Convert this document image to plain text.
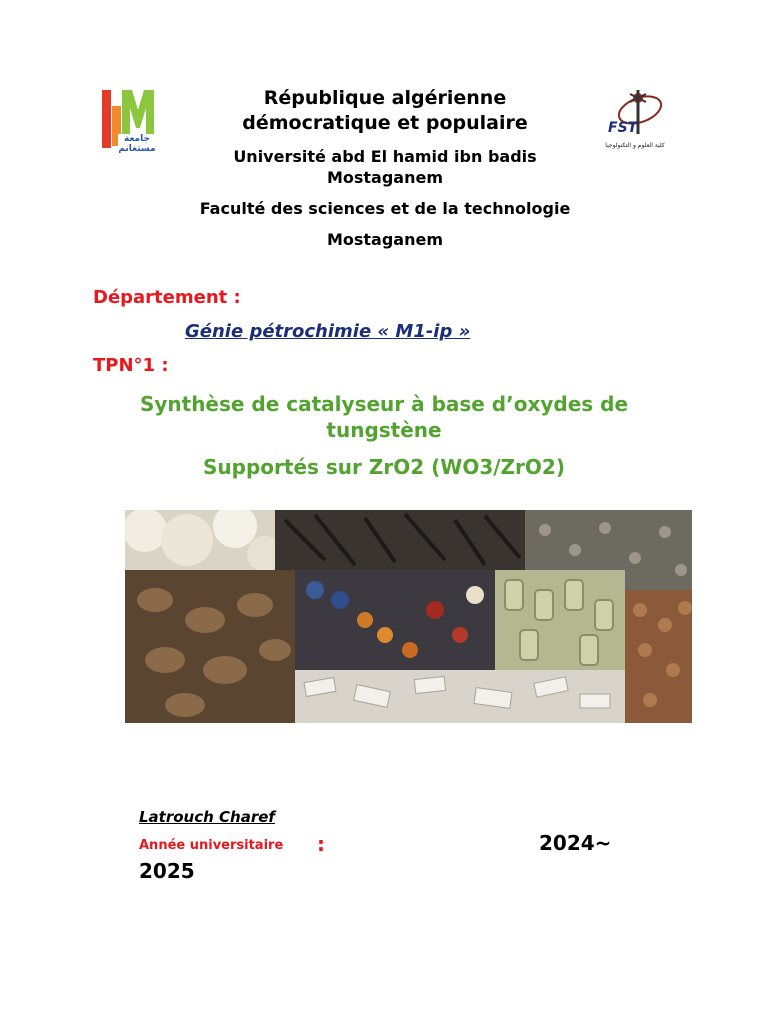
جامعة مستغانم
FST
كلية العلوم و التكنولوجيا
République algérienne
démocratique et populaire
Université abd El hamid ibn badis
Mostaganem
Faculté des sciences et de la technologie
Mostaganem
Département :
Génie pétrochimie « M1-ip »
TPN°1 :
Synthèse de catalyseur à base d’oxydes de
tungstène
Supportés sur ZrO2 (WO3/ZrO2)
Latrouch Charef
Année universitaire :	2024~
2025
